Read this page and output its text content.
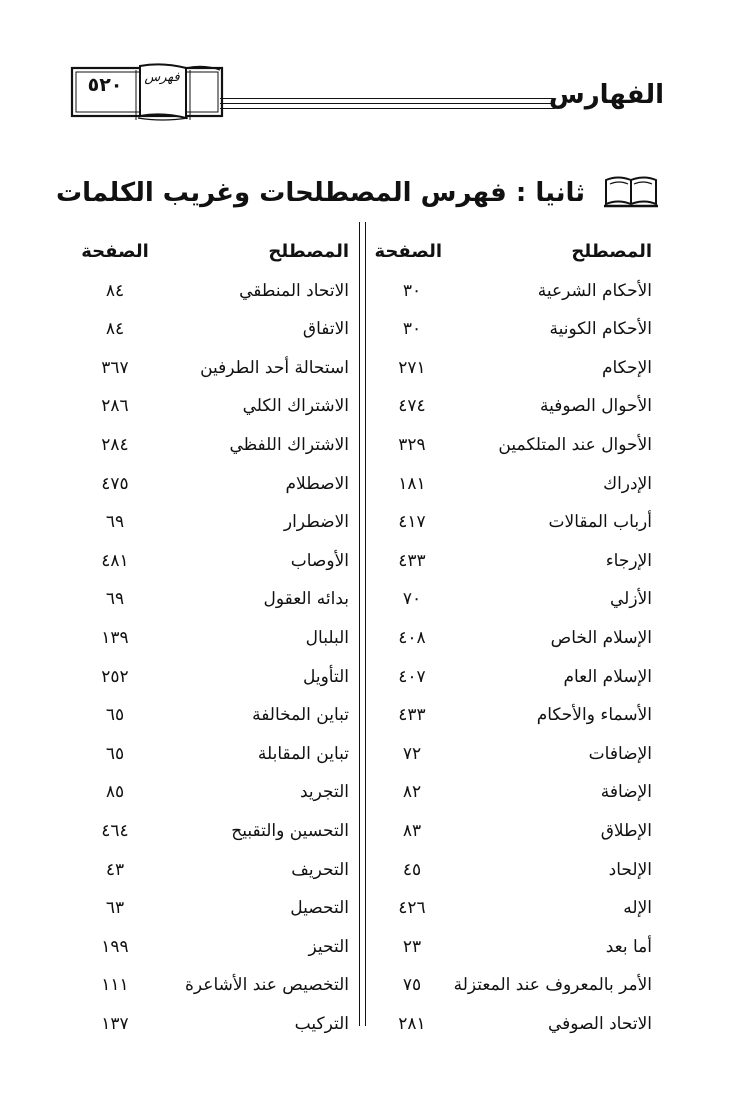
الفهارس
فهرس
٥٢٠
ثانيا : فهرس المصطلحات وغريب الكلمات
المصطلح
الصفحة
الأحكام الشرعية
٣٠
الأحكام الكونية
٣٠
الإحكام
٢٧١
الأحوال الصوفية
٤٧٤
الأحوال عند المتلكمين
٣٢٩
الإدراك
١٨١
أرباب المقالات
٤١٧
الإرجاء
٤٣٣
الأزلي
٧٠
الإسلام الخاص
٤٠٨
الإسلام العام
٤٠٧
الأسماء والأحكام
٤٣٣
الإضافات
٧٢
الإضافة
٨٢
الإطلاق
٨٣
الإلحاد
٤٥
الإله
٤٢٦
أما بعد
٢٣
الأمر بالمعروف عند المعتزلة
٧٥
الاتحاد الصوفي
٢٨١
المصطلح
الصفحة
الاتحاد المنطقي
٨٤
الاتفاق
٨٤
استحالة أحد الطرفين
٣٦٧
الاشتراك الكلي
٢٨٦
الاشتراك اللفظي
٢٨٤
الاصطلام
٤٧٥
الاضطرار
٦٩
الأوصاب
٤٨١
بدائه العقول
٦٩
البلبال
١٣٩
التأويل
٢٥٢
تباين المخالفة
٦٥
تباين المقابلة
٦٥
التجريد
٨٥
التحسين والتقبيح
٤٦٤
التحريف
٤٣
التحصيل
٦٣
التحيز
١٩٩
التخصيص عند الأشاعرة
١١١
التركيب
١٣٧
